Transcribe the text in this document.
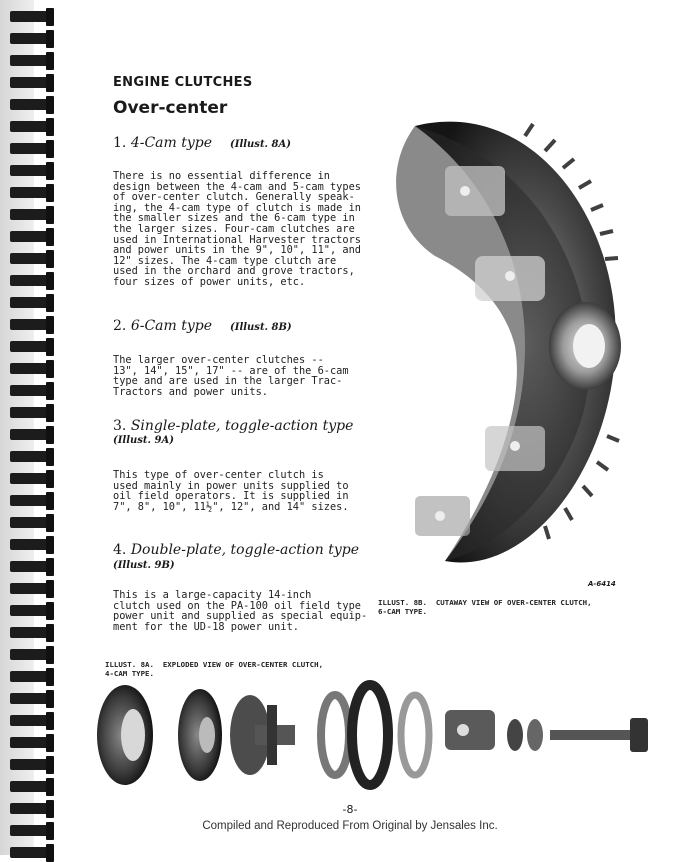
ENGINE CLUTCHES
Over-center
1. 4-Cam type (Illust. 8A)
There is no essential difference in
design between the 4-cam and 5-cam types
of over-center clutch. Generally speak-
ing, the 4-cam type of clutch is made in
the smaller sizes and the 6-cam type in
the larger sizes. Four-cam clutches are
used in International Harvester tractors
and power units in the 9", 10", 11", and
12" sizes. The 4-cam type clutch are
used in the orchard and grove tractors,
four sizes of power units, etc.
2. 6-Cam type (Illust. 8B)
The larger over-center clutches --
13", 14", 15", 17" -- are of the 6-cam
type and are used in the larger Trac-
Tractors and power units.
3. Single-plate, toggle-action type
(Illust. 9A)
This type of over-center clutch is
used mainly in power units supplied to
oil field operators. It is supplied in
7", 8", 10", 11½", 12", and 14" sizes.
4. Double-plate, toggle-action type
(Illust. 9B)
This is a large-capacity 14-inch
clutch used on the PA-100 oil field type
power unit and supplied as special equip-
ment for the UD-18 power unit.
A-6414
ILLUST. 8B.  CUTAWAY VIEW OF OVER-CENTER CLUTCH,
6-CAM TYPE.
ILLUST. 8A.  EXPLODED VIEW OF OVER-CENTER CLUTCH,
4-CAM TYPE.
-8-
Compiled and Reproduced From Original by Jensales Inc.
